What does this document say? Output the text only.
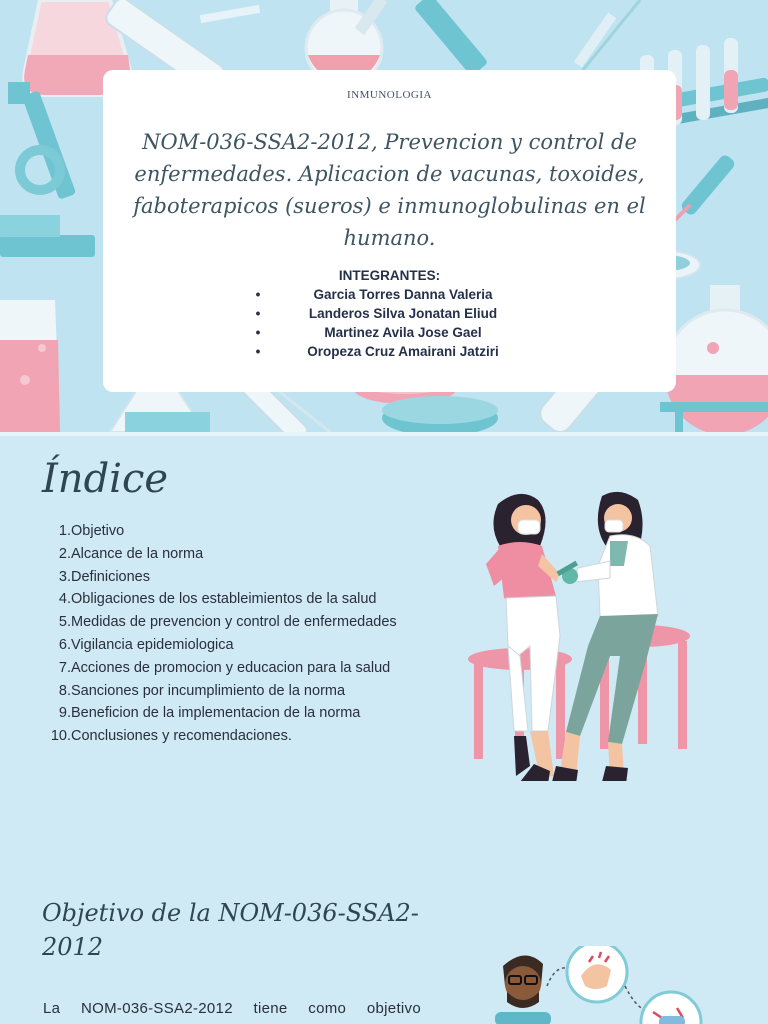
INMUNOLOGIA
NOM-036-SSA2-2012, Prevencion y control de enfermedades. Aplicacion de vacunas, toxoides, faboterapicos (sueros) e inmunoglobulinas en el humano.
INTEGRANTES:
•	Garcia Torres Danna Valeria
•	Landeros Silva Jonatan Eliud
•	Martinez Avila Jose Gael
•	Oropeza Cruz Amairani Jatziri
Índice
1. Objetivo
2. Alcance de la norma
3. Definiciones
4. Obligaciones de los estableimientos de la salud
5. Medidas de prevencion y control de enfermedades
6. Vigilancia epidemiologica
7. Acciones de promocion y educacion para la salud
8. Sanciones por incumplimiento de la norma
9. Beneficion de la implementacion de la norma
10. Conclusiones y recomendaciones.
Objetivo de la NOM-036-SSA2-2012
La NOM-036-SSA2-2012 tiene como objetivo
